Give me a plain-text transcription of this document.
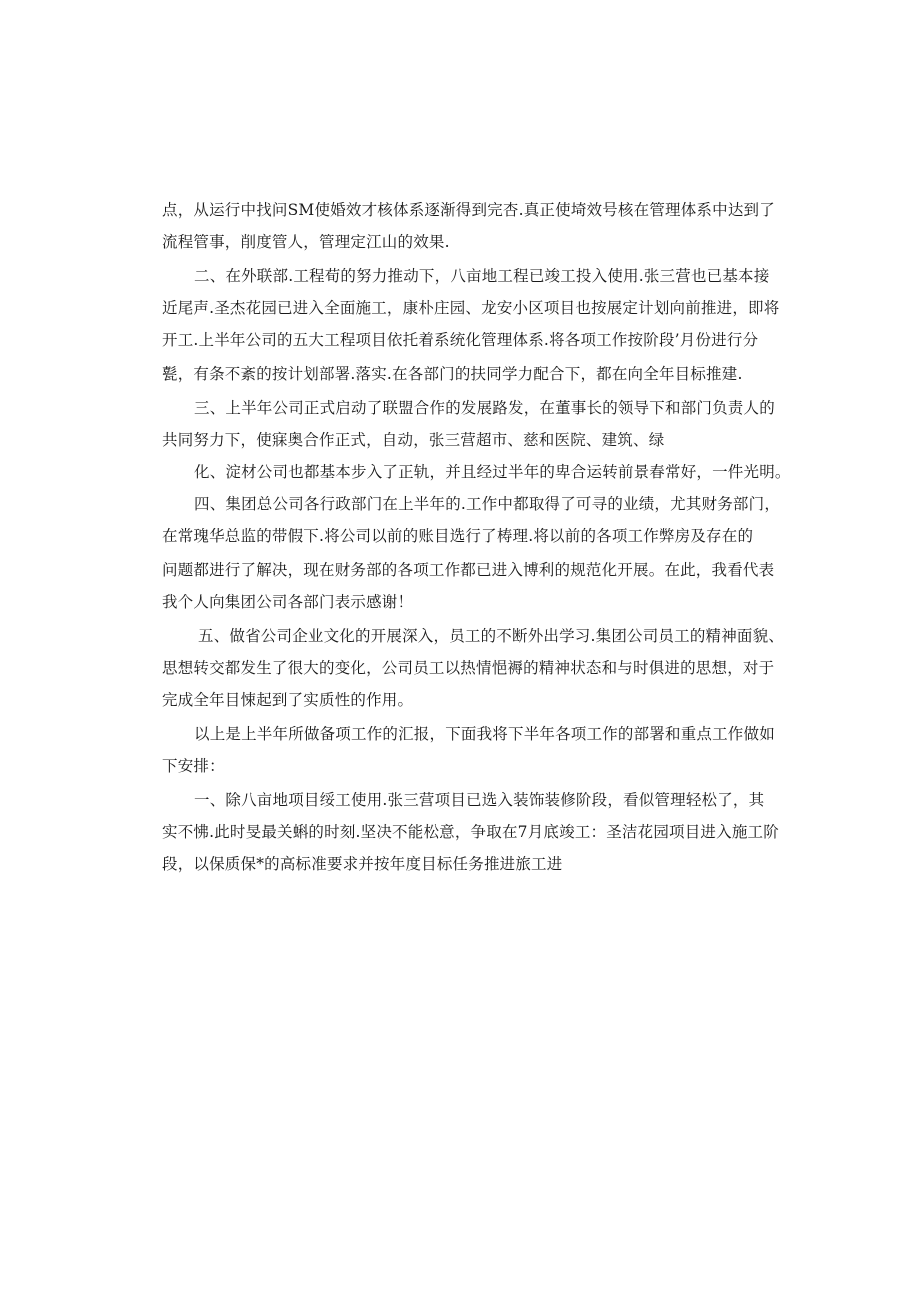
点，从运行中找问SM使婚效才核体系逐渐得到完杏.真正使埼效号核在管理体系中达到了
流程管事，削度管人，管理定江山的效果.
二、在外联部.工程荀的努力推动下，八亩地工程已竣工投入使用.张三营也已基本接
近尾声.圣杰花园已进入全面施工，康朴庄园、龙安小区项目也按展定计划向前推进，即将
开工.上半年公司的五大工程项目依托着系统化管理体系.将各项工作按阶段’月份进行分
甏，有条不紊的按计划部署.落实.在各部门的扶同学力配合下，都在向全年目标推建.
三、上半年公司正式启动了联盟合作的发展路发，在董事长的领导下和部门负责人的
共同努力下，使寐奥合作正式，自动，张三营超市、慈和医院、建筑、绿
化、淀材公司也都基本步入了正轨，并且经过半年的卑合运转前景春常好，一件光明。
四、集团总公司各行政部门在上半年的.工作中都取得了可寻的业绩，尤其财务部门，
在常瑰华总监的带假下.将公司以前的账目选行了梼理.将以前的各项工作弊房及存在的
问题都进行了解决，现在财务部的各项工作都已进入博利的规范化开展。在此，我看代表
我个人向集团公司各部门表示感谢！
五、做省公司企业文化的开展深入，员工的不断外出学习.集团公司员工的精神面貌、
思想转交都发生了很大的变化，公司员工以热情悒褥的精神状态和与时俱进的思想，对于
完成全年目悚起到了实质性的作用。
以上是上半年所做备项工作的汇报，下面我将下半年各项工作的部署和重点工作做如
下安排：
一、除八亩地项目绥工使用.张三营项目已选入装饰装修阶段，看似管理轻松了，其
实不怫.此时旻最关蝌的时刻.坚决不能松意，争取在7月底竣工：圣洁花园项目进入施工阶
段，以保质保*的高标准要求并按年度目标任务推进旅工进
